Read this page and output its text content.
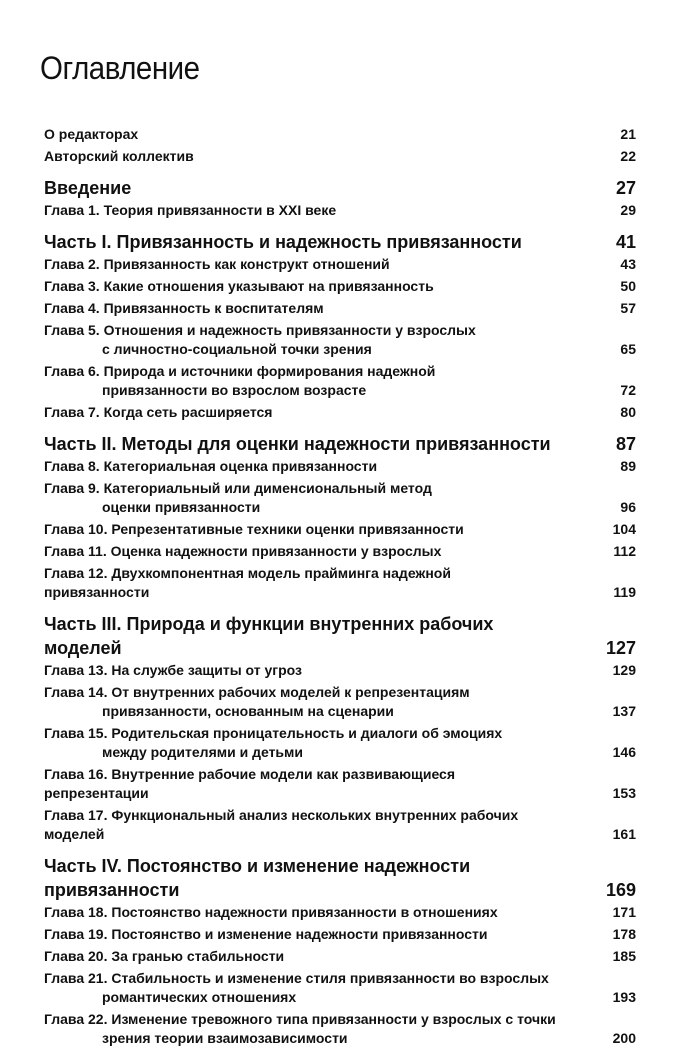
Оглавление
О редакторах	21
Авторский коллектив	22
Введение	27
Глава 1. Теория привязанности в XXI веке	29
Часть I. Привязанность и надежность привязанности	41
Глава 2. Привязанность как конструкт отношений	43
Глава 3. Какие отношения указывают на привязанность	50
Глава 4. Привязанность к воспитателям	57
Глава 5. Отношения и надежность привязанности у взрослых
с личностно-социальной точки зрения	65
Глава 6. Природа и источники формирования надежной
привязанности во взрослом возрасте	72
Глава 7. Когда сеть расширяется	80
Часть II. Методы для оценки надежности привязанности	87
Глава 8. Категориальная оценка привязанности	89
Глава 9. Категориальный или дименсиональный метод
оценки привязанности	96
Глава 10. Репрезентативные техники оценки привязанности	104
Глава 11. Оценка надежности привязанности у взрослых	112
Глава 12. Двухкомпонентная модель прайминга надежной привязанности	119
Часть III. Природа и функции внутренних рабочих моделей	127
Глава 13. На службе защиты от угроз	129
Глава 14. От внутренних рабочих моделей к репрезентациям
привязанности, основанным на сценарии	137
Глава 15. Родительская проницательность и диалоги об эмоциях
между родителями и детьми	146
Глава 16. Внутренние рабочие модели как развивающиеся репрезентации	153
Глава 17. Функциональный анализ нескольких внутренних рабочих моделей	161
Часть IV. Постоянство и изменение надежности привязанности	169
Глава 18. Постоянство надежности привязанности в отношениях	171
Глава 19. Постоянство и изменение надежности привязанности	178
Глава 20. За гранью стабильности	185
Глава 21. Стабильность и изменение стиля привязанности во взрослых
романтических отношениях	193
Глава 22. Изменение тревожного типа привязанности у взрослых с точки
зрения теории взаимозависимости	200
